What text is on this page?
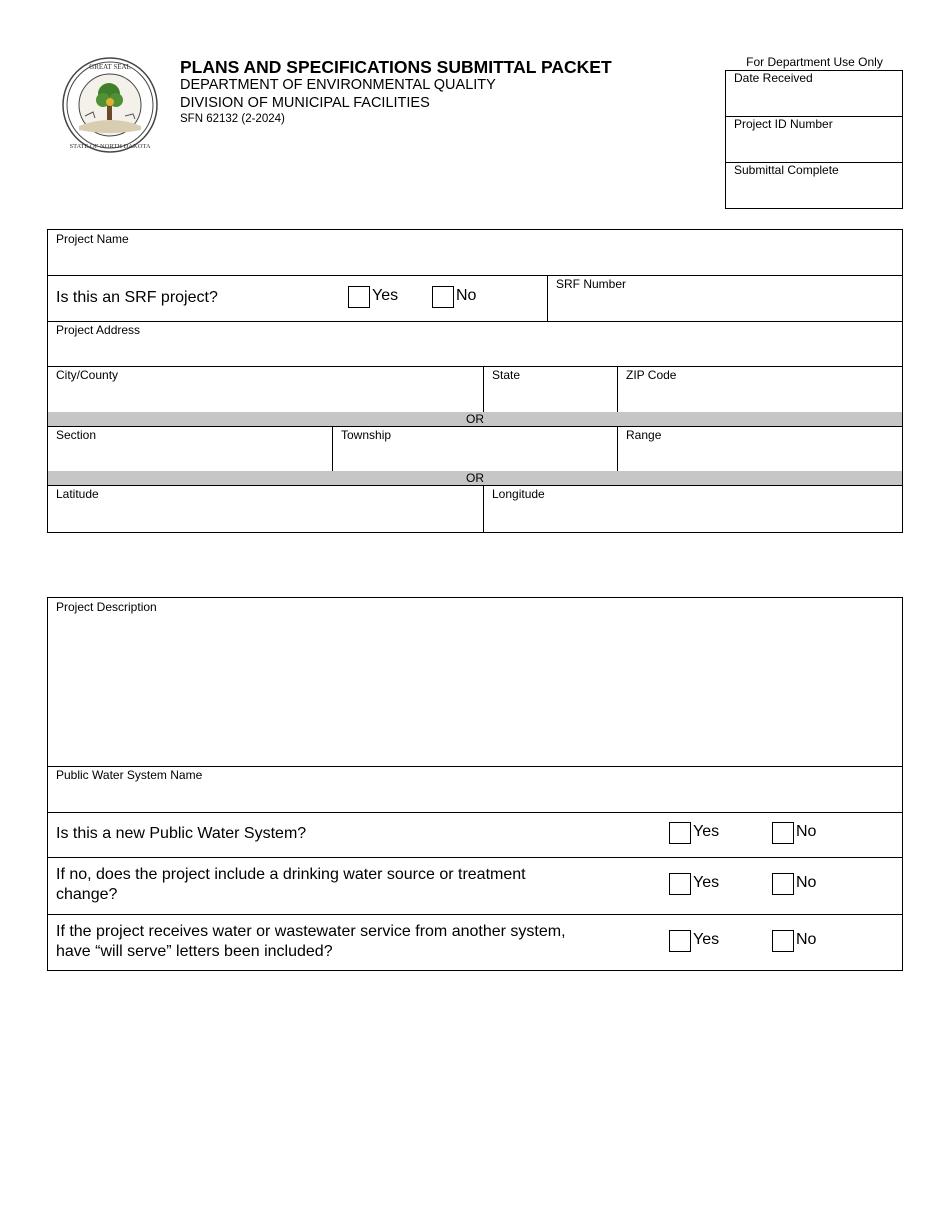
GREAT SEAL
STATE OF NORTH DAKOTA
PLANS AND SPECIFICATIONS SUBMITTAL PACKET
DEPARTMENT OF ENVIRONMENTAL QUALITY
DIVISION OF MUNICIPAL FACILITIES
SFN 62132 (2-2024)
For Department Use Only
Date Received
Project ID Number
Submittal Complete
Project Name
Is this an SRF project?	Yes	No
SRF Number
Project Address
City/County	State	ZIP Code
OR
Section	Township	Range
OR
Latitude	Longitude
Project Description
Public Water System Name
Is this a new Public Water System?	Yes	No
If no, does the project include a drinking water source or treatment change?
Yes	No
If the project receives water or wastewater service from another system, have “will serve” letters been included?
Yes	No
